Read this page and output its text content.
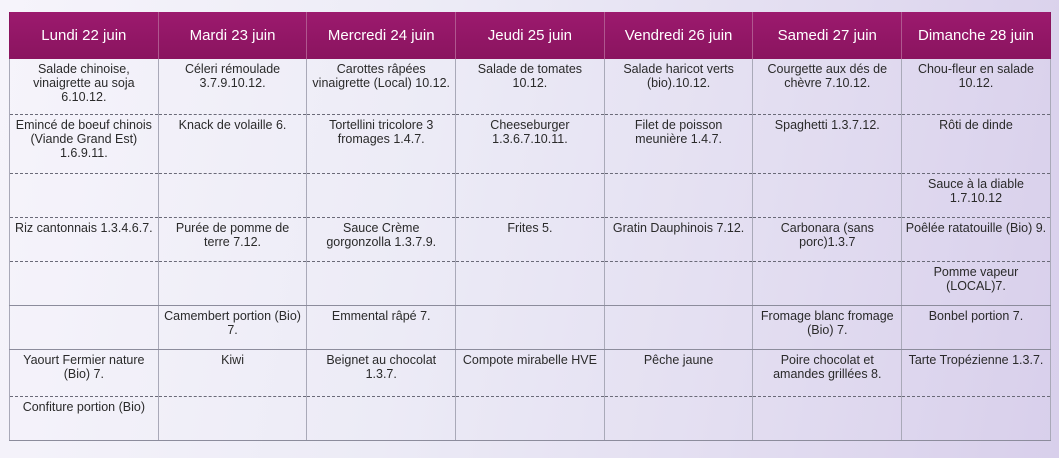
Lundi 22 juin	Mardi 23 juin	Mercredi 24 juin	Jeudi 25 juin	Vendredi 26 juin	Samedi 27 juin	Dimanche 28 juin
Salade chinoise, vinaigrette au soja 6.10.12.	Céleri rémoulade 3.7.9.10.12.	Carottes râpées vinaigrette (Local) 10.12.	Salade de tomates 10.12.	Salade haricot verts (bio).10.12.	Courgette aux dés de chèvre 7.10.12.	Chou-fleur en salade 10.12.
Emincé de boeuf chinois (Viande Grand Est) 1.6.9.11.	Knack de volaille 6.	Tortellini tricolore 3 fromages 1.4.7.	Cheeseburger 1.3.6.7.10.11.	Filet de poisson meunière 1.4.7.	Spaghetti 1.3.7.12.	Rôti de dinde
						Sauce à la diable 1.7.10.12
Riz cantonnais 1.3.4.6.7.	Purée de pomme de terre 7.12.	Sauce Crème gorgonzolla 1.3.7.9.	Frites 5.	Gratin Dauphinois 7.12.	Carbonara (sans porc)1.3.7	Poêlée ratatouille (Bio) 9.
						Pomme vapeur (LOCAL)7.
	Camembert portion (Bio) 7.	Emmental râpé 7.			Fromage blanc fromage (Bio) 7.	Bonbel portion 7.
Yaourt Fermier nature (Bio) 7.	Kiwi	Beignet au chocolat 1.3.7.	Compote mirabelle HVE	Pêche jaune	Poire chocolat et amandes grillées 8.	Tarte Tropézienne 1.3.7.
Confiture portion (Bio)						
